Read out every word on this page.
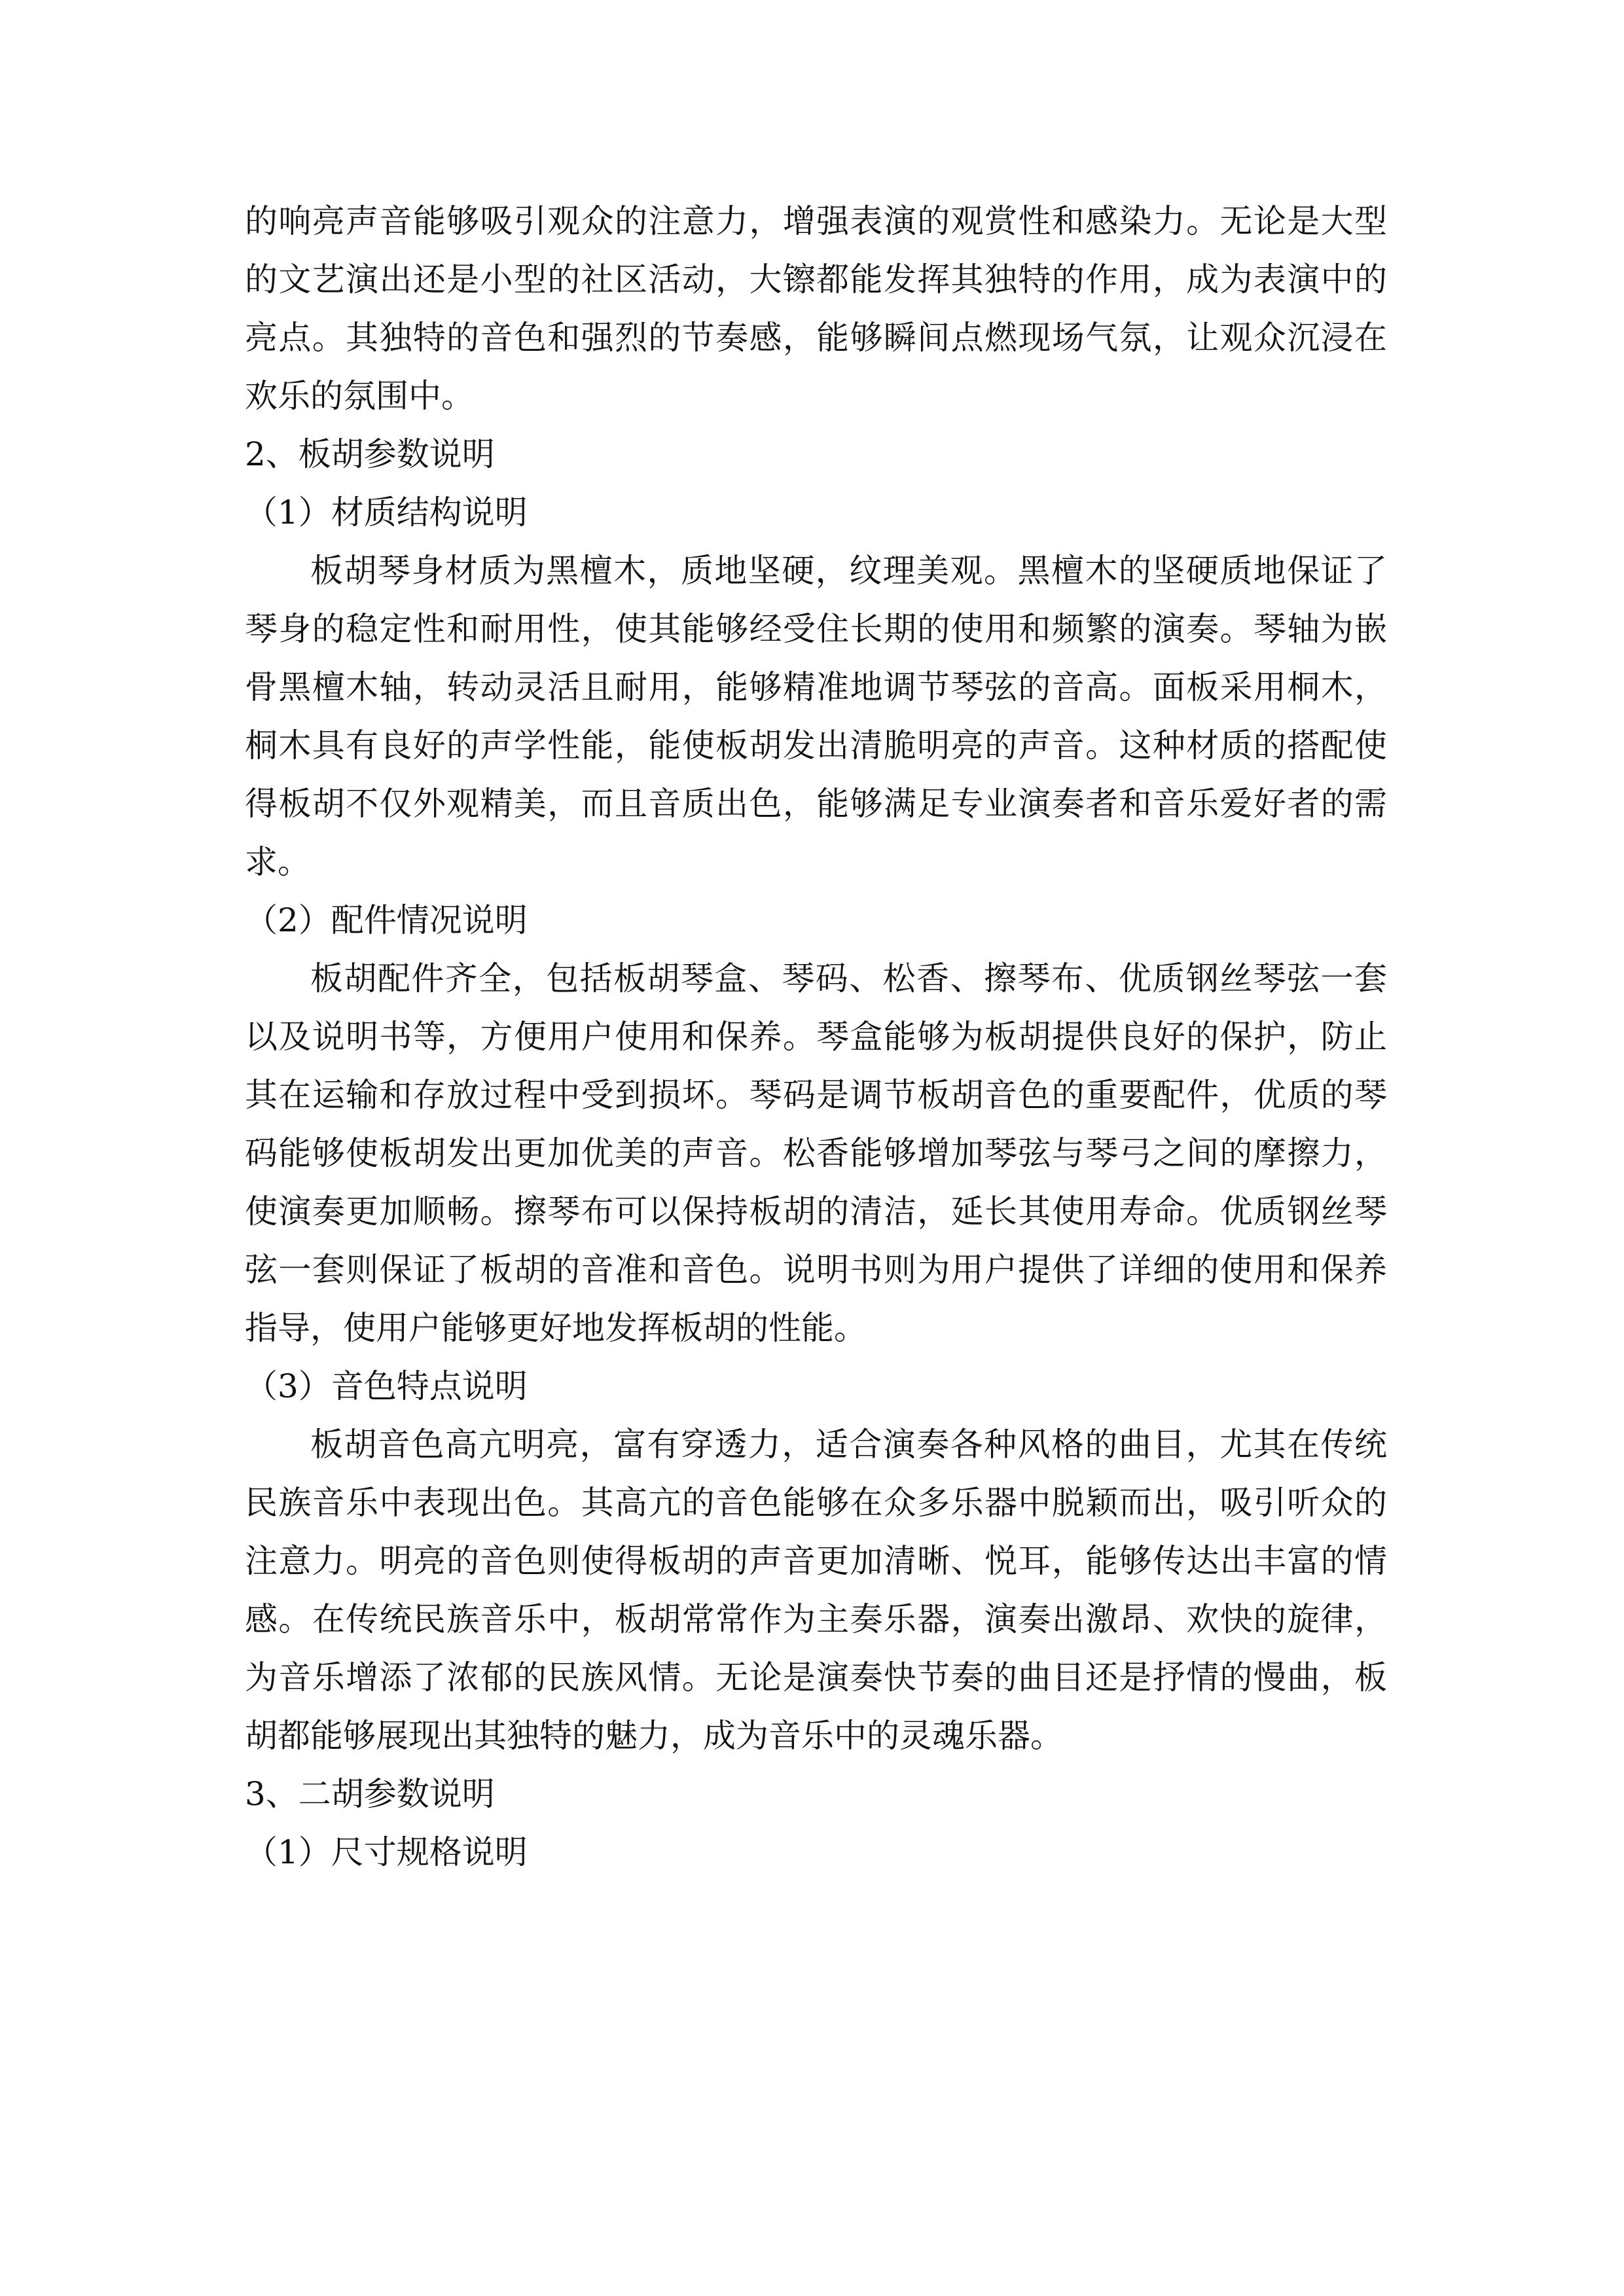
的响亮声音能够吸引观众的注意力，增强表演的观赏性和感染力。无论是大型的文艺演出还是小型的社区活动，大镲都能发挥其独特的作用，成为表演中的亮点。其独特的音色和强烈的节奏感，能够瞬间点燃现场气氛，让观众沉浸在欢乐的氛围中。

2、板胡参数说明

（1）材质结构说明

板胡琴身材质为黑檀木，质地坚硬，纹理美观。黑檀木的坚硬质地保证了琴身的稳定性和耐用性，使其能够经受住长期的使用和频繁的演奏。琴轴为嵌骨黑檀木轴，转动灵活且耐用，能够精准地调节琴弦的音高。面板采用桐木，桐木具有良好的声学性能，能使板胡发出清脆明亮的声音。这种材质的搭配使得板胡不仅外观精美，而且音质出色，能够满足专业演奏者和音乐爱好者的需求。

（2）配件情况说明

板胡配件齐全，包括板胡琴盒、琴码、松香、擦琴布、优质钢丝琴弦一套以及说明书等，方便用户使用和保养。琴盒能够为板胡提供良好的保护，防止其在运输和存放过程中受到损坏。琴码是调节板胡音色的重要配件，优质的琴码能够使板胡发出更加优美的声音。松香能够增加琴弦与琴弓之间的摩擦力，使演奏更加顺畅。擦琴布可以保持板胡的清洁，延长其使用寿命。优质钢丝琴弦一套则保证了板胡的音准和音色。说明书则为用户提供了详细的使用和保养指导，使用户能够更好地发挥板胡的性能。

（3）音色特点说明

板胡音色高亢明亮，富有穿透力，适合演奏各种风格的曲目，尤其在传统民族音乐中表现出色。其高亢的音色能够在众多乐器中脱颖而出，吸引听众的注意力。明亮的音色则使得板胡的声音更加清晰、悦耳，能够传达出丰富的情感。在传统民族音乐中，板胡常常作为主奏乐器，演奏出激昂、欢快的旋律，为音乐增添了浓郁的民族风情。无论是演奏快节奏的曲目还是抒情的慢曲，板胡都能够展现出其独特的魅力，成为音乐中的灵魂乐器。

3、二胡参数说明

（1）尺寸规格说明
